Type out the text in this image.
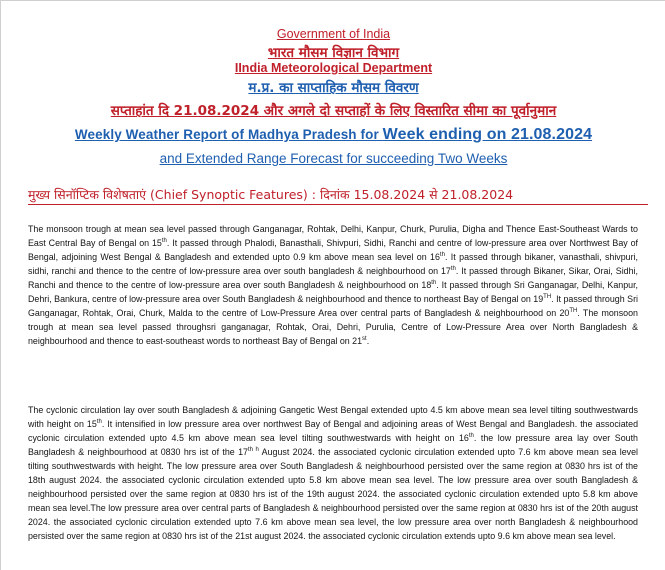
Government of India
भारत मौसम विज्ञान विभाग
IIndia Meteorological Department
म.प्र. का साप्ताहिक मौसम विवरण
सप्ताहांत दि 21.08.2024 और अगले दो सप्ताहों के लिए विस्तारित सीमा का पूर्वानुमान
Weekly Weather Report of Madhya Pradesh for Week ending on 21.08.2024
and Extended Range Forecast for succeeding Two Weeks
मुख्य सिनॉप्टिक विशेषताएं (Chief Synoptic Features) : दिनांक 15.08.2024 से 21.08.2024
The monsoon trough at mean sea level passed through Ganganagar, Rohtak, Delhi, Kanpur, Churk, Purulia, Digha and Thence East-Southeast Wards to East Central Bay of Bengal on 15th. It passed through Phalodi, Banasthali, Shivpuri, Sidhi, Ranchi and centre of low-pressure area over Northwest Bay of Bengal, adjoining West Bengal & Bangladesh and extended upto 0.9 km above mean sea level on 16th. It passed through bikaner, vanasthali, shivpuri, sidhi, ranchi and thence to the centre of low-pressure area over south bangladesh & neighbourhood on 17th. It passed through Bikaner, Sikar, Orai, Sidhi, Ranchi and thence to the centre of low-pressure area over south Bangladesh & neighbourhood on 18th. It passed through Sri Ganganagar, Delhi, Kanpur, Dehri, Bankura, centre of low-pressure area over South Bangladesh & neighbourhood and thence to northeast Bay of Bengal on 19TH. It passed through Sri Ganganagar, Rohtak, Orai, Churk, Malda to the centre of Low-Pressure Area over central parts of Bangladesh & neighbourhood on 20TH. The monsoon trough at mean sea level passed throughsri ganganagar, Rohtak, Orai, Dehri, Purulia, Centre of Low-Pressure Area over North Bangladesh & neighbourhood and thence to east-southeast words to northeast Bay of Bengal on 21st.
The cyclonic circulation lay over south Bangladesh & adjoining Gangetic West Bengal extended upto 4.5 km above mean sea level tilting southwestwards with height on 15th. It intensified in low pressure area over northwest Bay of Bengal and adjoining areas of West Bengal and Bangladesh. the associated cyclonic circulation extended upto 4.5 km above mean sea level tilting southwestwards with height on 16th. the low pressure area lay over South Bangladesh & neighbourhood at 0830 hrs ist of the $17^{th h}$ August 2024. the associated cyclonic circulation extended upto 7.6 km above mean sea level tilting southwestwards with height. The low pressure area over South Bangladesh & neighbourhood persisted over the same region at 0830 hrs ist of the 18th august 2024. the associated cyclonic circulation extended upto 5.8 km above mean sea level. The low pressure area over south Bangladesh & neighbourhood persisted over the same region at 0830 hrs ist of the 19th august 2024. the associated cyclonic circulation extended upto 5.8 km above mean sea level.The low pressure area over central parts of Bangladesh & neighbourhood persisted over the same region at 0830 hrs ist of the 20th august 2024. the associated cyclonic circulation extended upto 7.6 km above mean sea level, the low pressure area over north Bangladesh & neighbourhood persisted over the same region at 0830 hrs ist of the 21st august 2024. the associated cyclonic circulation extends upto 9.6 km above mean sea level.
